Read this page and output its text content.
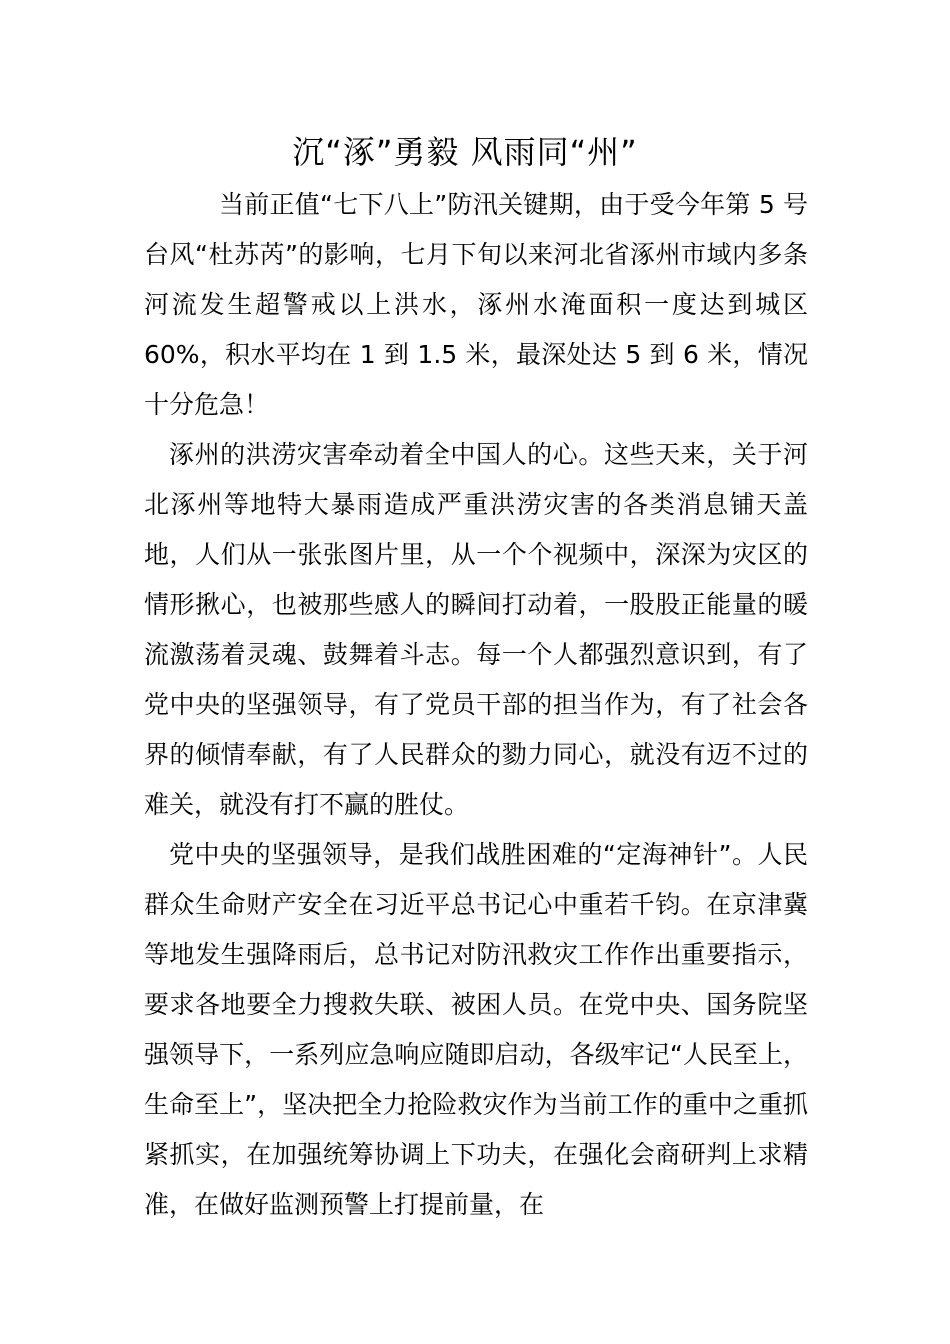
沉“涿”勇毅 风雨同“州”

当前正值“七下八上”防汛关键期，由于受今年第 5 号台风“杜苏芮”的影响，七月下旬以来河北省涿州市域内多条河流发生超警戒以上洪水，涿州水淹面积一度达到城区 60%，积水平均在 1 到 1.5 米，最深处达 5 到 6 米，情况十分危急！

涿州的洪涝灾害牵动着全中国人的心。这些天来，关于河北涿州等地特大暴雨造成严重洪涝灾害的各类消息铺天盖地，人们从一张张图片里，从一个个视频中，深深为灾区的情形揪心，也被那些感人的瞬间打动着，一股股正能量的暖流激荡着灵魂、鼓舞着斗志。每一个人都强烈意识到，有了党中央的坚强领导，有了党员干部的担当作为，有了社会各界的倾情奉献，有了人民群众的勠力同心，就没有迈不过的难关，就没有打不赢的胜仗。

党中央的坚强领导，是我们战胜困难的“定海神针”。人民群众生命财产安全在习近平总书记心中重若千钧。在京津冀等地发生强降雨后，总书记对防汛救灾工作作出重要指示，要求各地要全力搜救失联、被困人员。在党中央、国务院坚强领导下，一系列应急响应随即启动，各级牢记“人民至上，生命至上”，坚决把全力抢险救灾作为当前工作的重中之重抓紧抓实，在加强统筹协调上下功夫，在强化会商研判上求精准，在做好监测预警上打提前量，在
